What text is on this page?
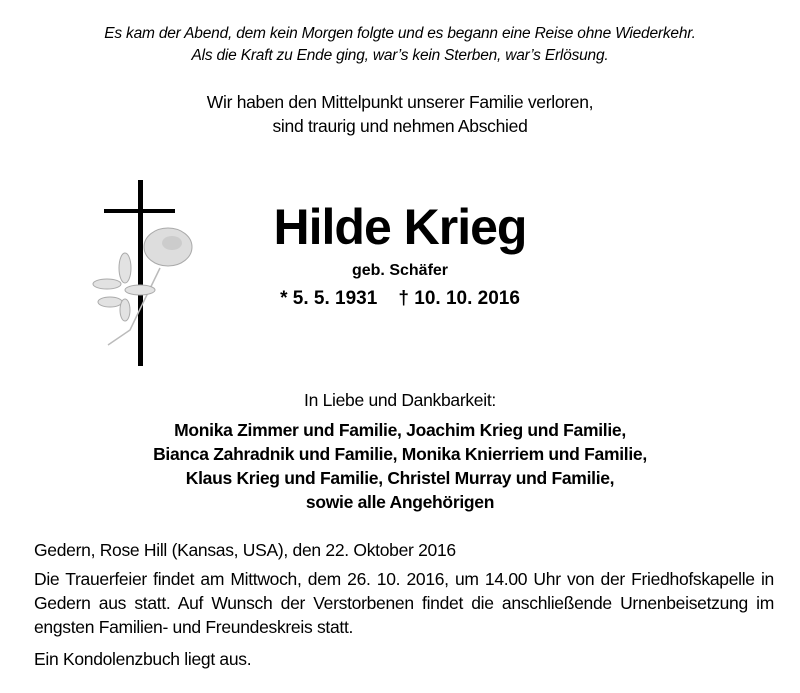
Es kam der Abend, dem kein Morgen folgte und es begann eine Reise ohne Wiederkehr.
Als die Kraft zu Ende ging, war’s kein Sterben, war’s Erlösung.
Wir haben den Mittelpunkt unserer Familie verloren,
sind traurig und nehmen Abschied
Hilde Krieg
geb. Schäfer
* 5. 5. 1931 † 10. 10. 2016
In Liebe und Dankbarkeit:
Monika Zimmer und Familie, Joachim Krieg und Familie,
Bianca Zahradnik und Familie, Monika Knierriem und Familie,
Klaus Krieg und Familie, Christel Murray und Familie,
sowie alle Angehörigen
Gedern, Rose Hill (Kansas, USA), den 22. Oktober 2016
Die Trauerfeier findet am Mittwoch, dem 26. 10. 2016, um 14.00 Uhr von der Friedhofskapelle in Gedern aus statt. Auf Wunsch der Verstorbenen findet die anschließende Urnenbeisetzung im engsten Familien- und Freundeskreis statt.
Ein Kondolenzbuch liegt aus.
